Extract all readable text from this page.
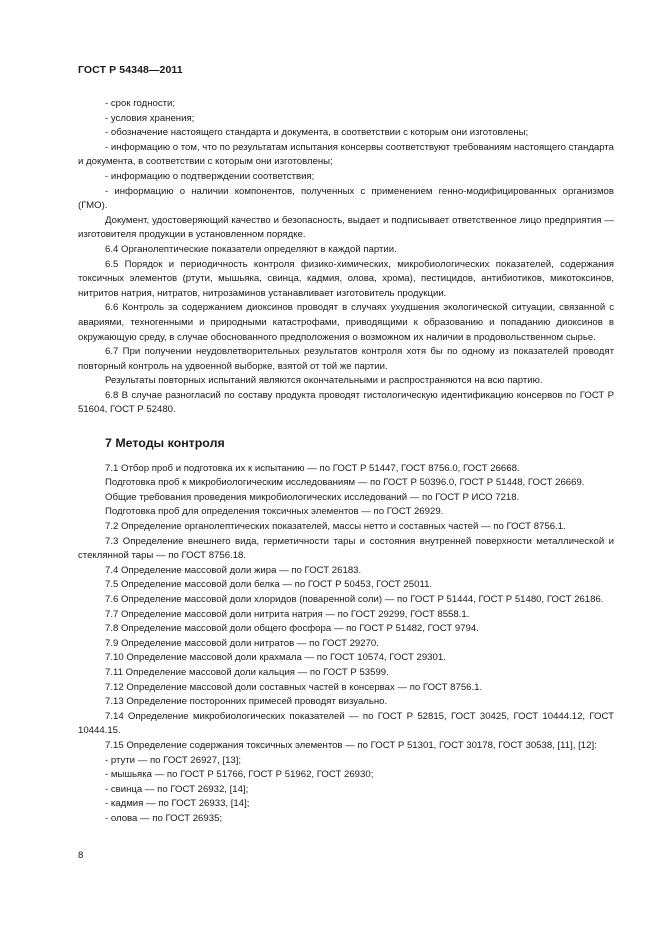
ГОСТ Р 54348—2011

- срок годности;

- условия хранения;

- обозначение настоящего стандарта и документа, в соответствии с которым они изготовлены;

- информацию о том, что по результатам испытания консервы соответствуют требованиям настоящего стандарта и документа, в соответствии с которым они изготовлены;

- информацию о подтверждении соответствия;

- информацию о наличии компонентов, полученных с применением генно-модифицированных организмов (ГМО).

Документ, удостоверяющий качество и безопасность, выдает и подписывает ответственное лицо предприятия — изготовителя продукции в установленном порядке.

6.4 Органолептические показатели определяют в каждой партии.

6.5 Порядок и периодичность контроля физико-химических, микробиологических показателей, содержания токсичных элементов (ртути, мышьяка, свинца, кадмия, олова, хрома), пестицидов, антибиотиков, микотоксинов, нитритов натрия, нитратов, нитрозаминов устанавливает изготовитель продукции.

6.6 Контроль за содержанием диоксинов проводят в случаях ухудшения экологической ситуации, связанной с авариями, техногенными и природными катастрофами, приводящими к образованию и попаданию диоксинов в окружающую среду, в случае обоснованного предположения о возможном их наличии в продовольственном сырье.

6.7 При получении неудовлетворительных результатов контроля хотя бы по одному из показателей проводят повторный контроль на удвоенной выборке, взятой от той же партии.

Результаты повторных испытаний являются окончательными и распространяются на всю партию.

6.8 В случае разногласий по составу продукта проводят гистологическую идентификацию консервов по ГОСТ Р 51604, ГОСТ Р 52480.

7 Методы контроля

7.1 Отбор проб и подготовка их к испытанию — по ГОСТ Р 51447, ГОСТ 8756.0, ГОСТ 26668.

Подготовка проб к микробиологическим исследованиям — по ГОСТ Р 50396.0, ГОСТ Р 51448, ГОСТ 26669.

Общие требования проведения микробиологических исследований — по ГОСТ Р ИСО 7218.

Подготовка проб для определения токсичных элементов — по ГОСТ 26929.

7.2 Определение органолептических показателей, массы нетто и составных частей — по ГОСТ 8756.1.

7.3 Определение внешнего вида, герметичности тары и состояния внутренней поверхности металлической и стеклянной тары — по ГОСТ 8756.18.

7.4 Определение массовой доли жира — по ГОСТ 26183.

7.5 Определение массовой доли белка — по ГОСТ Р 50453, ГОСТ 25011.

7.6 Определение массовой доли хлоридов (поваренной соли) — по ГОСТ Р 51444, ГОСТ Р 51480, ГОСТ 26186.

7.7 Определение массовой доли нитрита натрия — по ГОСТ 29299, ГОСТ 8558.1.

7.8 Определение массовой доли общего фосфора — по ГОСТ Р 51482, ГОСТ 9794.

7.9 Определение массовой доли нитратов — по ГОСТ 29270.

7.10 Определение массовой доли крахмала — по ГОСТ 10574, ГОСТ 29301.

7.11 Определение массовой доли кальция — по ГОСТ Р 53599.

7.12 Определение массовой доли составных частей в консервах — по ГОСТ 8756.1.

7.13 Определение посторонних примесей проводят визуально.

7.14 Определение микробиологических показателей — по ГОСТ Р 52815, ГОСТ 30425, ГОСТ 10444.12, ГОСТ 10444.15.

7.15 Определение содержания токсичных элементов — по ГОСТ Р 51301, ГОСТ 30178, ГОСТ 30538, [11], [12]:

- ртути — по ГОСТ 26927, [13];

- мышьяка — по ГОСТ Р 51766, ГОСТ Р 51962, ГОСТ 26930;

- свинца — по ГОСТ 26932, [14];

- кадмия — по ГОСТ 26933, [14];

- олова — по ГОСТ 26935;

8
